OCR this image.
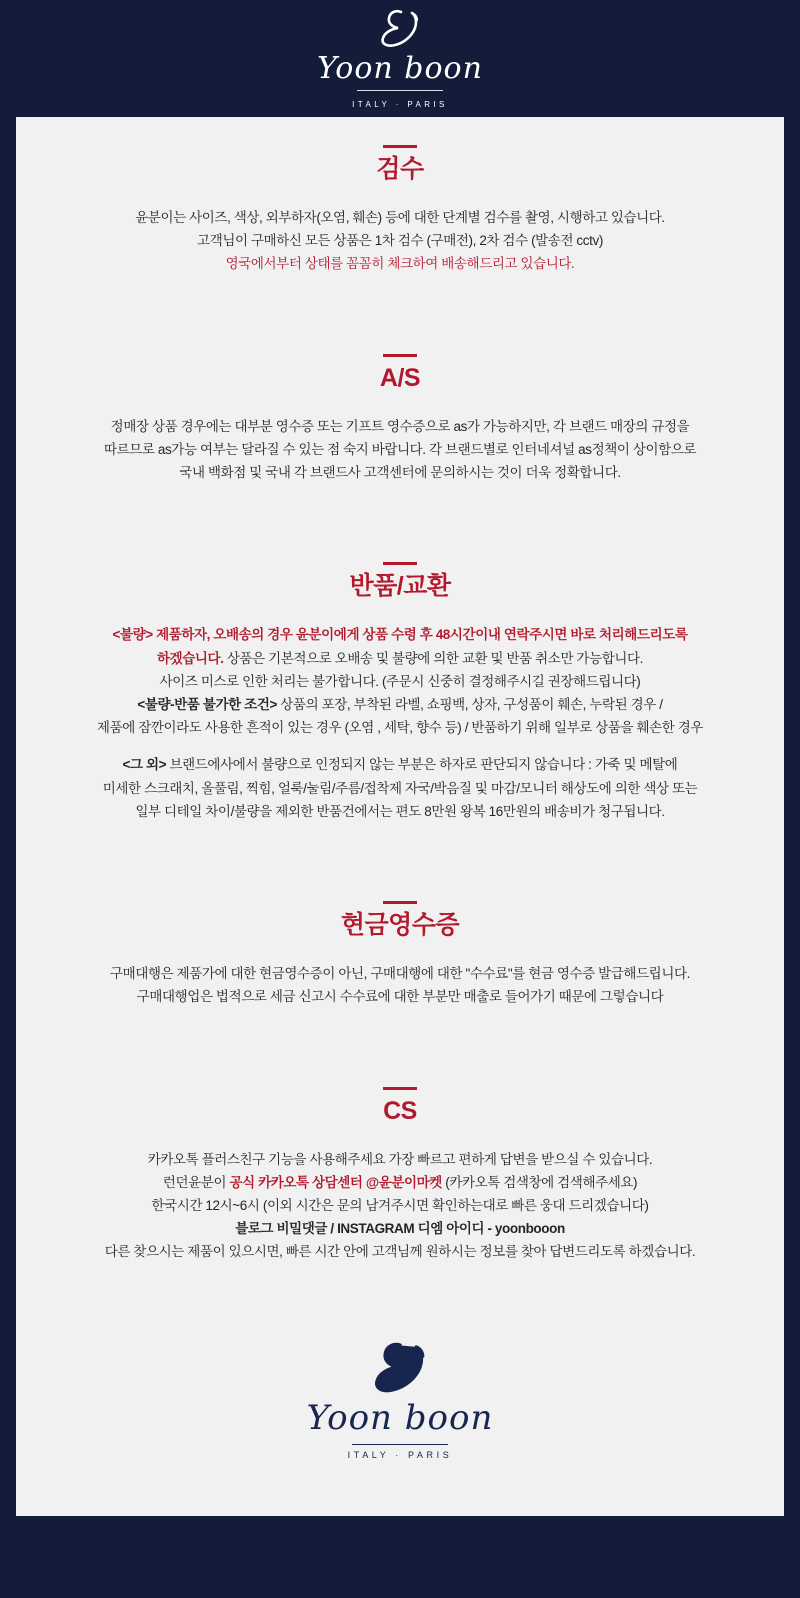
Yoon boon
ITALY · PARIS
검수

윤분이는 사이즈, 색상, 외부하자(오염, 훼손) 등에 대한 단계별 검수를 촬영, 시행하고 있습니다.

고객님이 구매하신 모든 상품은 1차 검수 (구매전), 2차 검수 (발송전 cctv)

영국에서부터 상태를 꼼꼼히 체크하여 배송해드리고 있습니다.

A/S

정매장 상품 경우에는 대부분 영수증 또는 기프트 영수증으로 as가 가능하지만, 각 브랜드 매장의 규정을

따르므로 as가능 여부는 달라질 수 있는 점 숙지 바랍니다. 각 브랜드별로 인터네셔널 as정책이 상이함으로

국내 백화점 및 국내 각 브랜드사 고객센터에 문의하시는 것이 더욱 정확합니다.

반품/교환

<불량> 제품하자, 오배송의 경우 윤분이에게 상품 수령 후 48시간이내 연락주시면 바로 처리해드리도록

하겠습니다. 상품은 기본적으로 오배송 및 불량에 의한 교환 및 반품 취소만 가능합니다.

사이즈 미스로 인한 처리는 불가합니다. (주문시 신중히 결정해주시길 권장해드립니다)

<불량-반품 불가한 조건> 상품의 포장, 부착된 라벨, 쇼핑백, 상자, 구성품이 훼손, 누락된 경우 /

제품에 잠깐이라도 사용한 흔적이 있는 경우 (오염 , 세탁, 향수 등) / 반품하기 위해 일부로 상품을 훼손한 경우

<그 외> 브랜드에사에서 불량으로 인정되지 않는 부분은 하자로 판단되지 않습니다 : 가죽 및 메탈에

미세한 스크래치, 올풀림, 찍힘, 얼룩/눌림/주름/접착제 자국/박음질 및 마감/모니터 해상도에 의한 색상 또는

일부 디테일 차이/불량을 제외한 반품건에서는 편도 8만원 왕복 16만원의 배송비가 청구됩니다.

현금영수증

구매대행은 제품가에 대한 현금영수증이 아닌, 구매대행에 대한 "수수료"를 현금 영수증 발급해드립니다.

구매대행업은 법적으로 세금 신고시 수수료에 대한 부분만 매출로 들어가기 때문에 그렇습니다

CS

카카오톡 플러스친구 기능을 사용해주세요 가장 빠르고 편하게 답변을 받으실 수 있습니다.

런던윤분이 공식 카카오톡 상담센터 @윤분이마켓 (카카오톡 검색창에 검색해주세요)

한국시간 12시~6시 (이외 시간은 문의 남겨주시면 확인하는대로 빠른 웅대 드리겠습니다)

블로그 비밀댓글 / INSTAGRAM 디엠 아이디 - yoonbooon

다른 찾으시는 제품이 있으시면, 빠른 시간 안에 고객님께 원하시는 정보를 찾아 답변드리도록 하겠습니다.

Yoon boon
ITALY · PARIS
